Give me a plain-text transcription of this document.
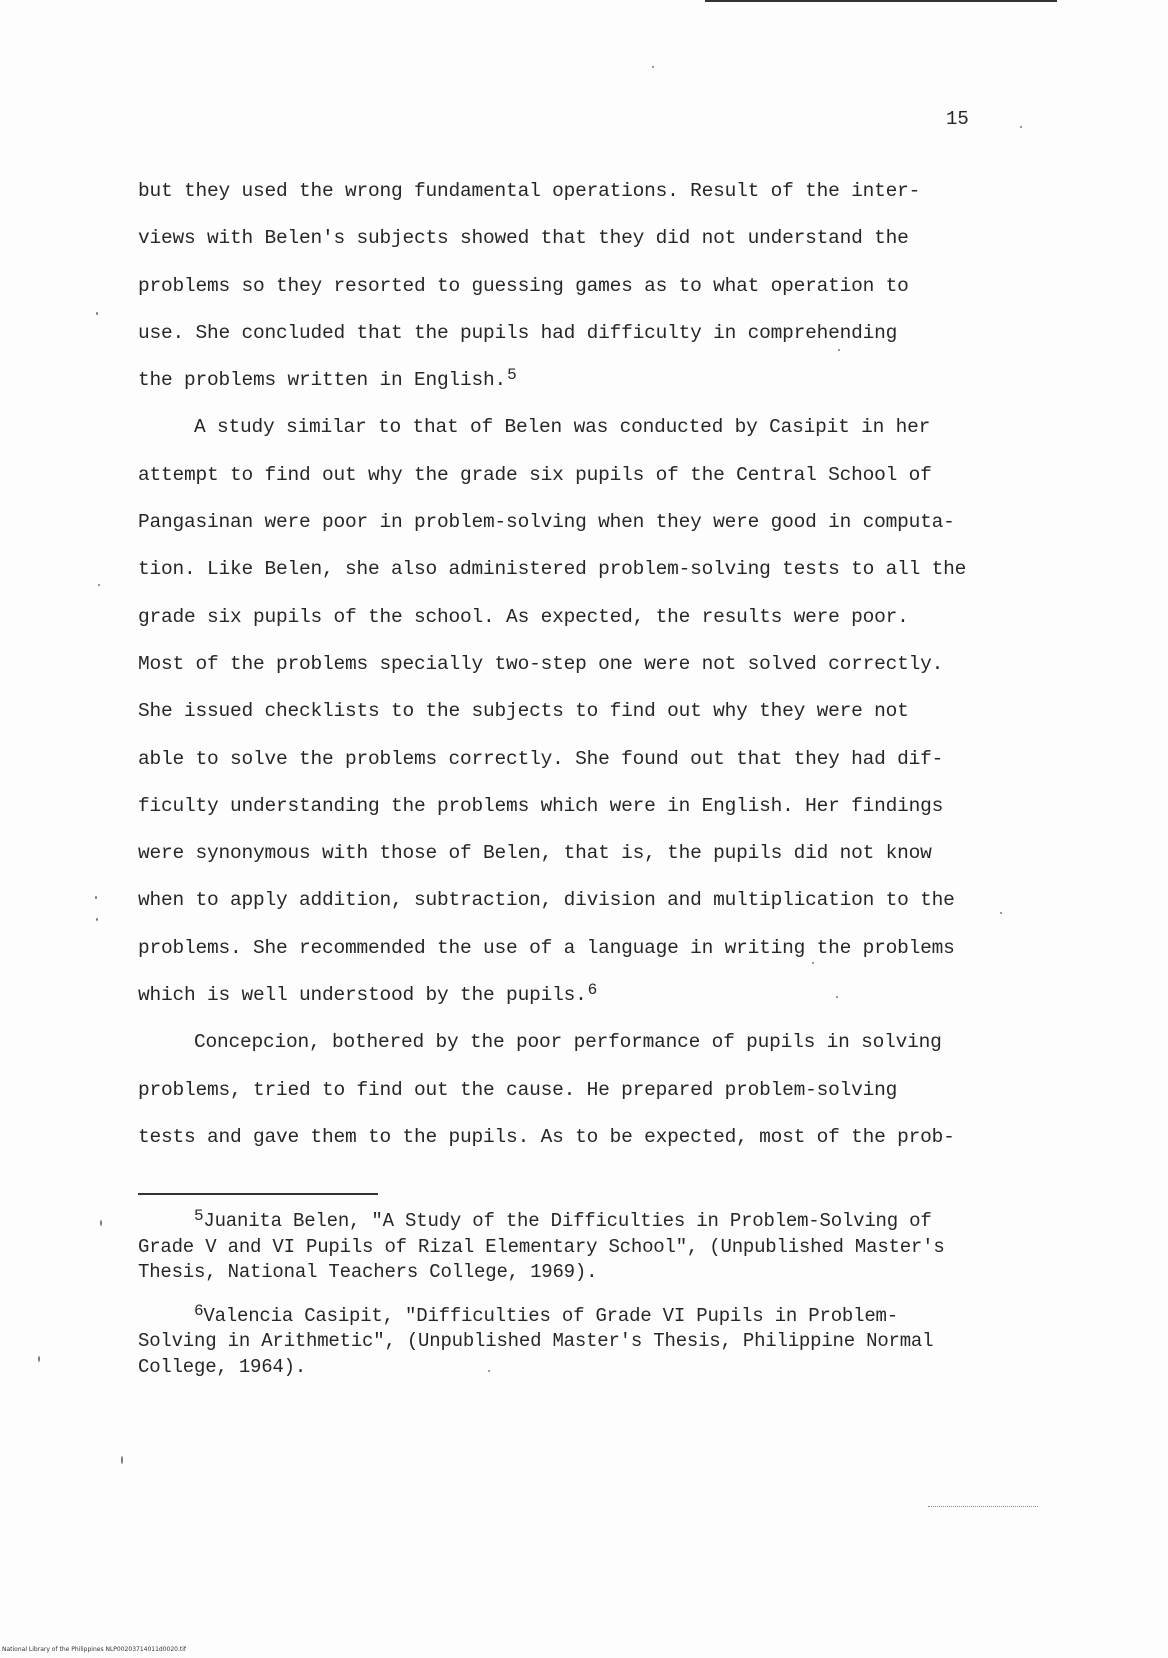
15
but they used the wrong fundamental operations. Result of the inter-
views with Belen's subjects showed that they did not understand the
problems so they resorted to guessing games as to what operation to
use. She concluded that the pupils had difficulty in comprehending
the problems written in English.$^5$
A study similar to that of Belen was conducted by Casipit in her
attempt to find out why the grade six pupils of the Central School of
Pangasinan were poor in problem-solving when they were good in computa-
tion. Like Belen, she also administered problem-solving tests to all the
grade six pupils of the school. As expected, the results were poor.
Most of the problems specially two-step one were not solved correctly.
She issued checklists to the subjects to find out why they were not
able to solve the problems correctly. She found out that they had dif-
ficulty understanding the problems which were in English. Her findings
were synonymous with those of Belen, that is, the pupils did not know
when to apply addition, subtraction, division and multiplication to the
problems. She recommended the use of a language in writing the problems
which is well understood by the pupils.$^6$
Concepcion, bothered by the poor performance of pupils in solving
problems, tried to find out the cause. He prepared problem-solving
tests and gave them to the pupils. As to be expected, most of the prob-
$^5$Juanita Belen, "A Study of the Difficulties in Problem-Solving of
Grade V and VI Pupils of Rizal Elementary School", (Unpublished Master's
Thesis, National Teachers College, 1969).
$^6$Valencia Casipit, "Difficulties of Grade VI Pupils in Problem-
Solving in Arithmetic", (Unpublished Master's Thesis, Philippine Normal
College, 1964).
National Library of the Philippines NLP00203714011d0020.tif
